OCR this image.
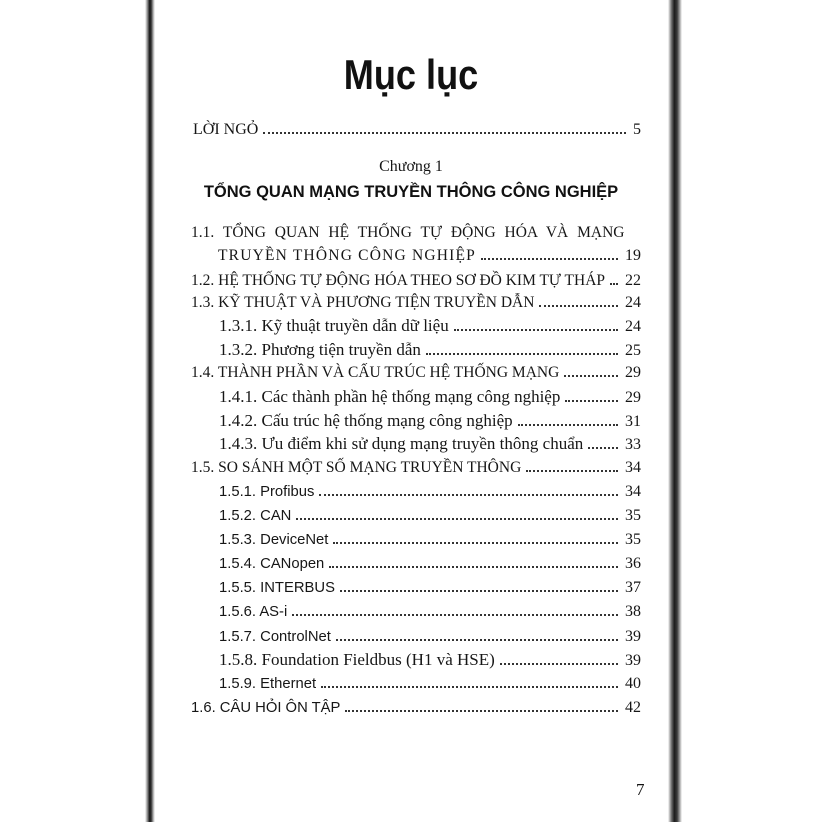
Mục lục
LỜI NGỎ	5
Chương 1
TỔNG QUAN MẠNG TRUYỀN THÔNG CÔNG NGHIỆP
1.1. TỔNG QUAN HỆ THỐNG TỰ ĐỘNG HÓA VÀ MẠNG
TRUYỀN THÔNG CÔNG NGHIỆP	19
1.2. HỆ THỐNG TỰ ĐỘNG HÓA THEO SƠ ĐỒ KIM TỰ THÁP 22
1.3. KỸ THUẬT VÀ PHƯƠNG TIỆN TRUYỀN DẪN	24
1.3.1. Kỹ thuật truyền dẫn dữ liệu	24
1.3.2. Phương tiện truyền dẫn	25
1.4. THÀNH PHẦN VÀ CẤU TRÚC HỆ THỐNG MẠNG	29
1.4.1. Các thành phần hệ thống mạng công nghiệp	29
1.4.2. Cấu trúc hệ thống mạng công nghiệp	31
1.4.3. Ưu điểm khi sử dụng mạng truyền thông chuẩn	33
1.5. SO SÁNH MỘT SỐ MẠNG TRUYỀN THÔNG	34
1.5.1. Profibus	34
1.5.2. CAN	35
1.5.3. DeviceNet	35
1.5.4. CANopen	36
1.5.5. INTERBUS	37
1.5.6. AS-i	38
1.5.7. ControlNet	39
1.5.8. Foundation Fieldbus (H1 và HSE)	39
1.5.9. Ethernet	40
1.6. CÂU HỎI ÔN TẬP	42
7
